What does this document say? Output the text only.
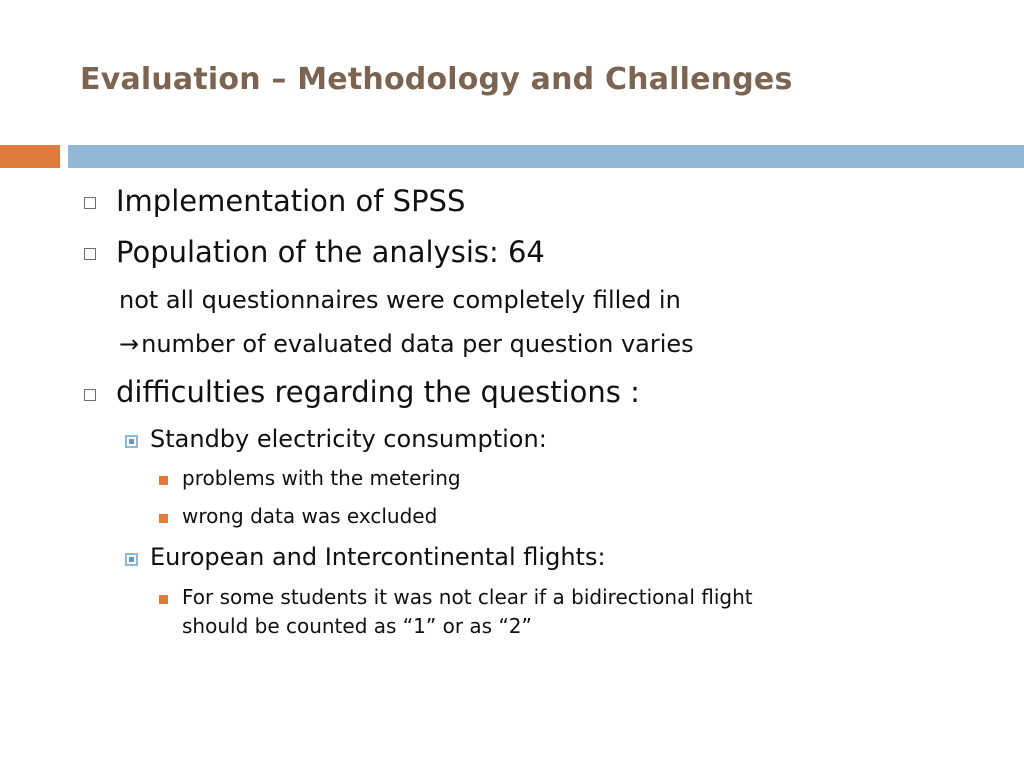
Evaluation – Methodology and Challenges
Implementation of SPSS
Population of the analysis: 64
not all questionnaires were completely filled in
→number of evaluated data per question varies
difficulties regarding the questions :
Standby electricity consumption:
problems with the metering
wrong data was excluded
European and Intercontinental flights:
For some students it was not clear if a bidirectional flight
should be counted as “1” or as “2”
